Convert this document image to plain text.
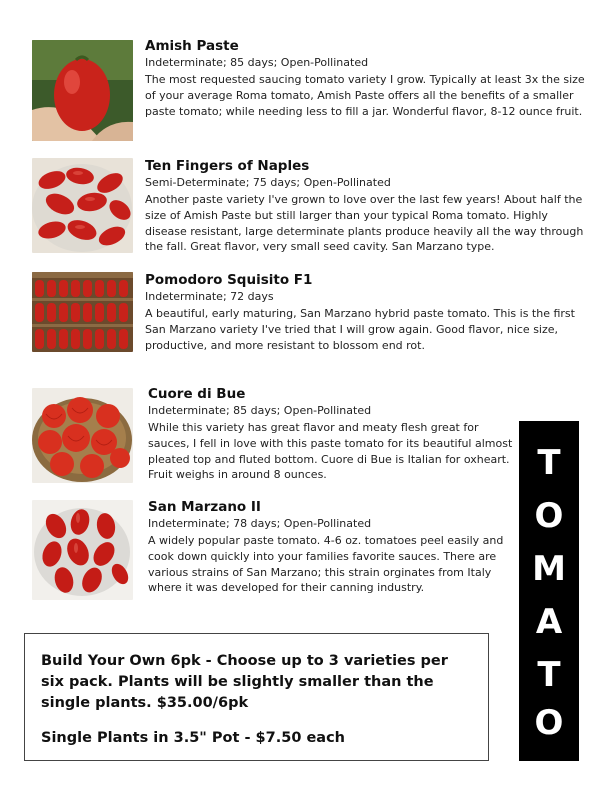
Amish Paste
Indeterminate; 85 days; Open-Pollinated
The most requested saucing tomato variety I grow. Typically at least 3x the size of your average Roma tomato, Amish Paste offers all the benefits of a smaller paste tomato; while needing less to fill a jar. Wonderful flavor, 8-12 ounce fruit.
Ten Fingers of Naples
Semi-Determinate; 75 days; Open-Pollinated
Another paste variety I've grown to love over the last few years! About half the size of Amish Paste but still larger than your typical Roma tomato. Highly disease resistant, large determinate plants produce heavily all the way through the fall. Great flavor, very small seed cavity. San Marzano type.
Pomodoro Squisito F1
Indeterminate; 72 days
A beautiful, early maturing, San Marzano hybrid paste tomato. This is the first San Marzano variety I've tried that I will grow again. Good flavor, nice size, productive, and more resistant to blossom end rot.
Cuore di Bue
Indeterminate; 85 days; Open-Pollinated
While this variety has great flavor and meaty flesh great for sauces, I fell in love with this paste tomato for its beautiful almost pleated top and fluted bottom. Cuore di Bue is Italian for oxheart. Fruit weighs in around 8 ounces.
San Marzano II
Indeterminate; 78 days; Open-Pollinated
A widely popular paste tomato. 4-6 oz. tomatoes peel easily and cook down quickly into your families favorite sauces. There are various strains of San Marzano; this strain orginates from Italy where it was developed for their canning industry.
Build Your Own 6pk - Choose up to 3 varieties per six pack. Plants will be slightly smaller than the single plants. $35.00/6pk
Single Plants in 3.5" Pot - $7.50 each
T
O
M
A
T
O
